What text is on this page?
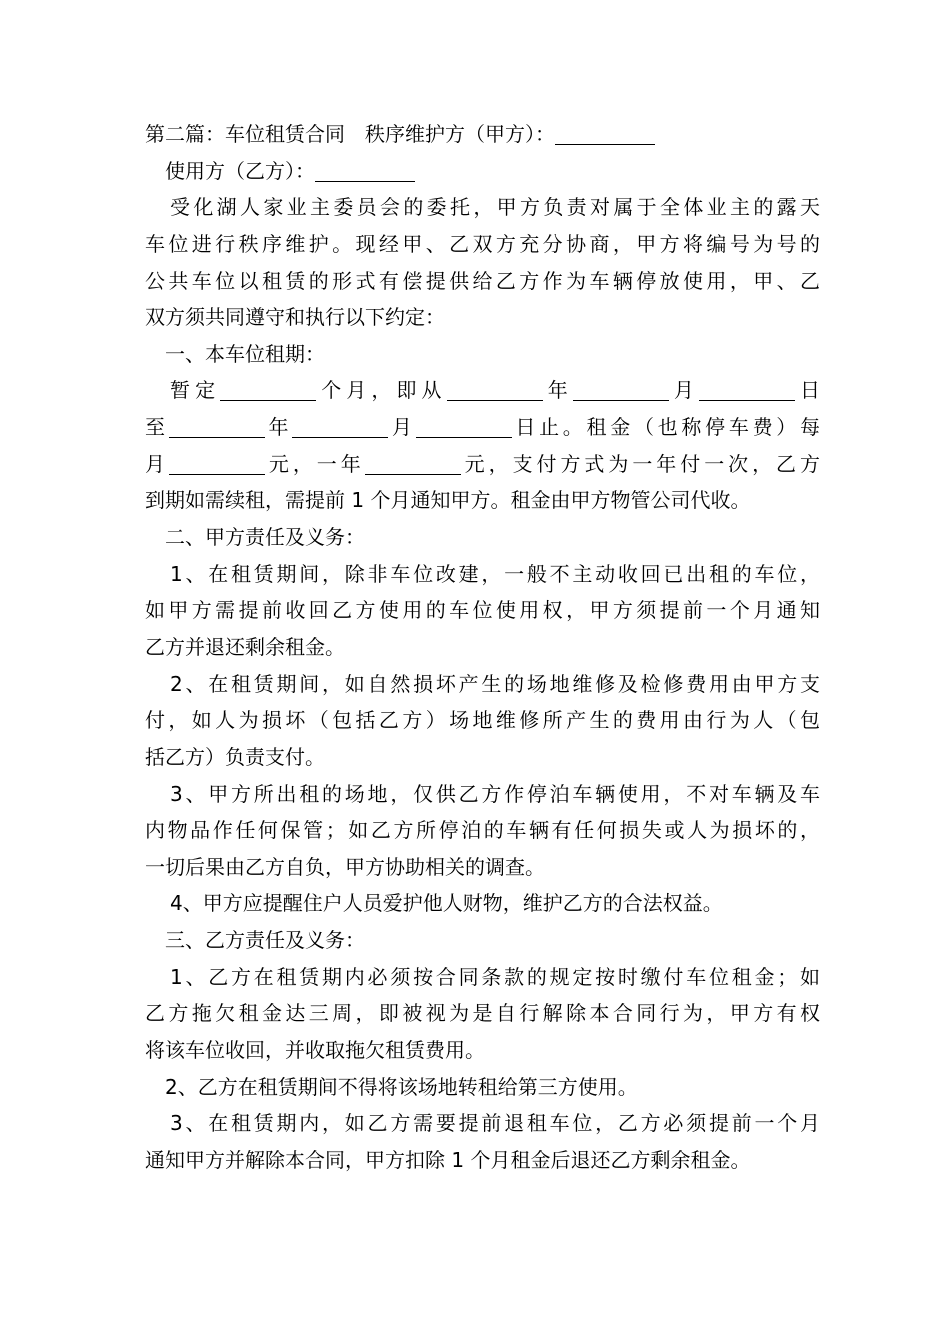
第二篇：车位租赁合同　秩序维护方（甲方）：
使用方（乙方）：
受化湖人家业主委员会的委托，甲方负责对属于全体业主的露天
车位进行秩序维护。现经甲、乙双方充分协商，甲方将编号为号的
公共车位以租赁的形式有偿提供给乙方作为车辆停放使用，甲、乙
双方须共同遵守和执行以下约定：
一、本车位租期：
暂定	个月，即从	年	月	日
至	年	月	日止。租金（也称停车费）每
月	元，一年	元，支付方式为一年付一次，乙方
到期如需续租，需提前 1 个月通知甲方。租金由甲方物管公司代收。
二、甲方责任及义务：
1、在租赁期间，除非车位改建，一般不主动收回已出租的车位，
如甲方需提前收回乙方使用的车位使用权，甲方须提前一个月通知
乙方并退还剩余租金。
2、在租赁期间，如自然损坏产生的场地维修及检修费用由甲方支
付，如人为损坏（包括乙方）场地维修所产生的费用由行为人（包
括乙方）负责支付。
3、甲方所出租的场地，仅供乙方作停泊车辆使用，不对车辆及车
内物品作任何保管；如乙方所停泊的车辆有任何损失或人为损坏的，
一切后果由乙方自负，甲方协助相关的调查。
4、甲方应提醒住户人员爱护他人财物，维护乙方的合法权益。
三、乙方责任及义务：
1、乙方在租赁期内必须按合同条款的规定按时缴付车位租金；如
乙方拖欠租金达三周，即被视为是自行解除本合同行为，甲方有权
将该车位收回，并收取拖欠租赁费用。
2、乙方在租赁期间不得将该场地转租给第三方使用。
3、在租赁期内，如乙方需要提前退租车位，乙方必须提前一个月
通知甲方并解除本合同，甲方扣除 1 个月租金后退还乙方剩余租金。
